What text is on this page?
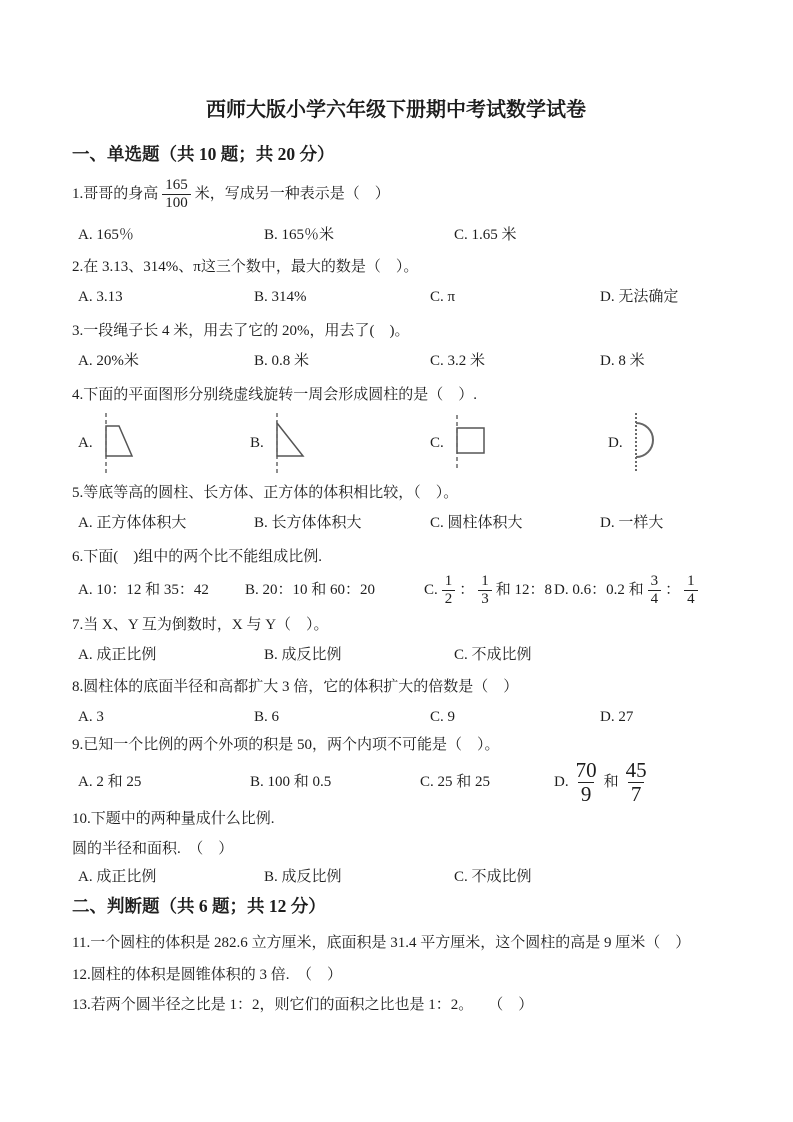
西师大版小学六年级下册期中考试数学试卷
一、单选题（共 10 题；共 20 分）
1.哥哥的身高 $\frac{165}{100}$ 米，写成另一种表示是（　）
A. 165％	B. 165％米	C. 1.65 米
2.在 3.13、314%、π这三个数中，最大的数是（　）。
A. 3.13	B. 314%	C. π	D. 无法确定
3.一段绳子长 4 米，用去了它的 20%，用去了(　)。
A. 20%米	B. 0.8 米	C. 3.2 米	D. 8 米
4.下面的平面图形分别绕虚线旋转一周会形成圆柱的是（　）.
A.	B.	C.	D.
5.等底等高的圆柱、长方体、正方体的体积相比较，（　）。
A. 正方体体积大	B. 长方体体积大	C. 圆柱体积大	D. 一样大
6.下面(　)组中的两个比不能组成比例.
A. 10：12 和 35：42	B. 20：10 和 60：20	C. $\frac{1}{2}$ ： $\frac{1}{3}$ 和 12：8 D. 0.6：0.2 和 $\frac{3}{4}$ ： $\frac{1}{4}$
7.当 X、Y 互为倒数时，X 与 Y（　）。
A. 成正比例	B. 成反比例	C. 不成比例
8.圆柱体的底面半径和高都扩大 3 倍，它的体积扩大的倍数是（　）
A. 3	B. 6	C. 9	D. 27
9.已知一个比例的两个外项的积是 50，两个内项不可能是（　）。
A. 2 和 25	B. 100 和 0.5	C. 25 和 25	D. $\frac{70}{9}$ 和 $\frac{45}{7}$
10.下题中的两种量成什么比例.
圆的半径和面积.　（　）
A. 成正比例	B. 成反比例	C. 不成比例
二、判断题（共 6 题；共 12 分）
11.一个圆柱的体积是 282.6 立方厘米，底面积是 31.4 平方厘米，这个圆柱的高是 9 厘米（　）
12.圆柱的体积是圆锥体积的 3 倍.　（　）
13.若两个圆半径之比是 1：2，则它们的面积之比也是 1：2。　　（　）
